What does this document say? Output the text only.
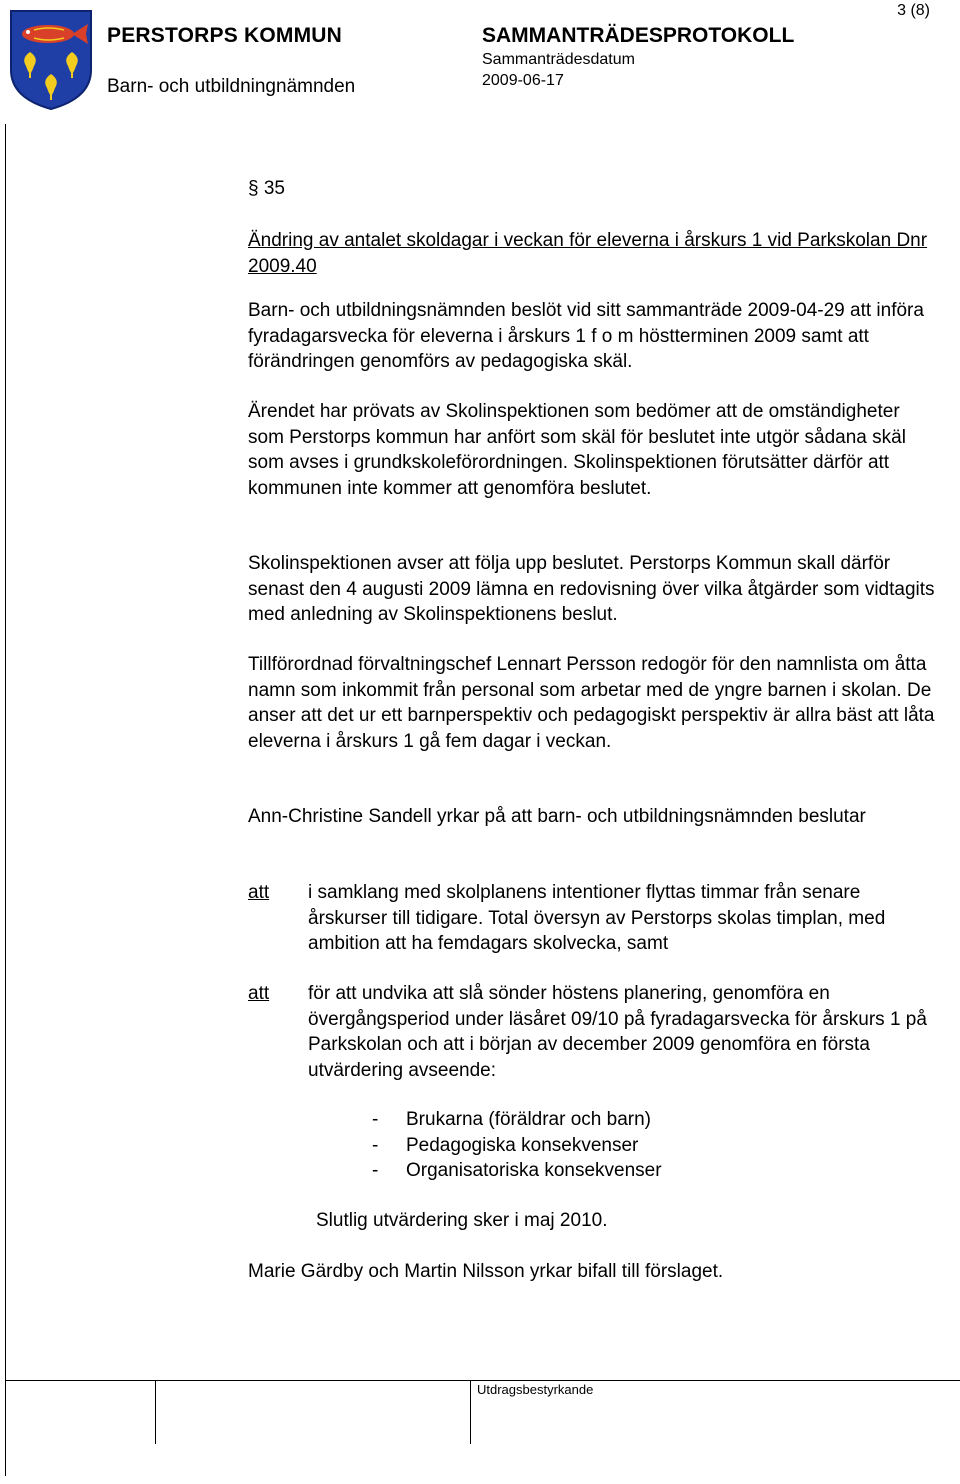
PERSTORPS KOMMUN
Barn- och utbildningnämnden
SAMMANTRÄDESPROTOKOLL
Sammanträdesdatum
2009-06-17
3 (8)
Utdragsbestyrkande

§ 35

Ändring av antalet skoldagar i veckan för eleverna i årskurs 1 vid Parkskolan Dnr 2009.40

Barn- och utbildningsnämnden beslöt vid sitt sammanträde 2009-04-29 att införa fyradagarsvecka för eleverna i årskurs 1 f o m höstterminen 2009 samt att förändringen genomförs av pedagogiska skäl.

Ärendet har prövats av Skolinspektionen som bedömer att de omständigheter som Perstorps kommun har anfört som skäl för beslutet inte utgör sådana skäl som avses i grundkskoleförordningen. Skolinspektionen förutsätter därför att kommunen inte kommer att genomföra beslutet.

Skolinspektionen avser att följa upp beslutet. Perstorps Kommun skall därför senast den 4 augusti 2009 lämna en redovisning över vilka åtgärder som vidtagits med anledning av Skolinspektionens beslut.

Tillförordnad förvaltningschef Lennart Persson redogör för den namnlista om åtta namn som inkommit från personal som arbetar med de yngre barnen i skolan. De anser att det ur ett barnperspektiv och pedagogiskt perspektiv är allra bäst att låta eleverna i årskurs 1 gå fem dagar i veckan.

Ann-Christine Sandell yrkar på att barn- och utbildningsnämnden beslutar

att i samklang med skolplanens intentioner flyttas timmar från senare årskurser till tidigare. Total översyn av Perstorps skolas timplan, med ambition att ha femdagars skolvecka, samt

att för att undvika att slå sönder höstens planering, genomföra en övergångsperiod under läsåret 09/10 på fyradagarsvecka för årskurs 1 på Parkskolan och att i början av december 2009 genomföra en första utvärdering avseende:

- Brukarna (föräldrar och barn)
- Pedagogiska konsekvenser
- Organisatoriska konsekvenser

Slutlig utvärdering sker i maj 2010.

Marie Gärdby och Martin Nilsson yrkar bifall till förslaget.
